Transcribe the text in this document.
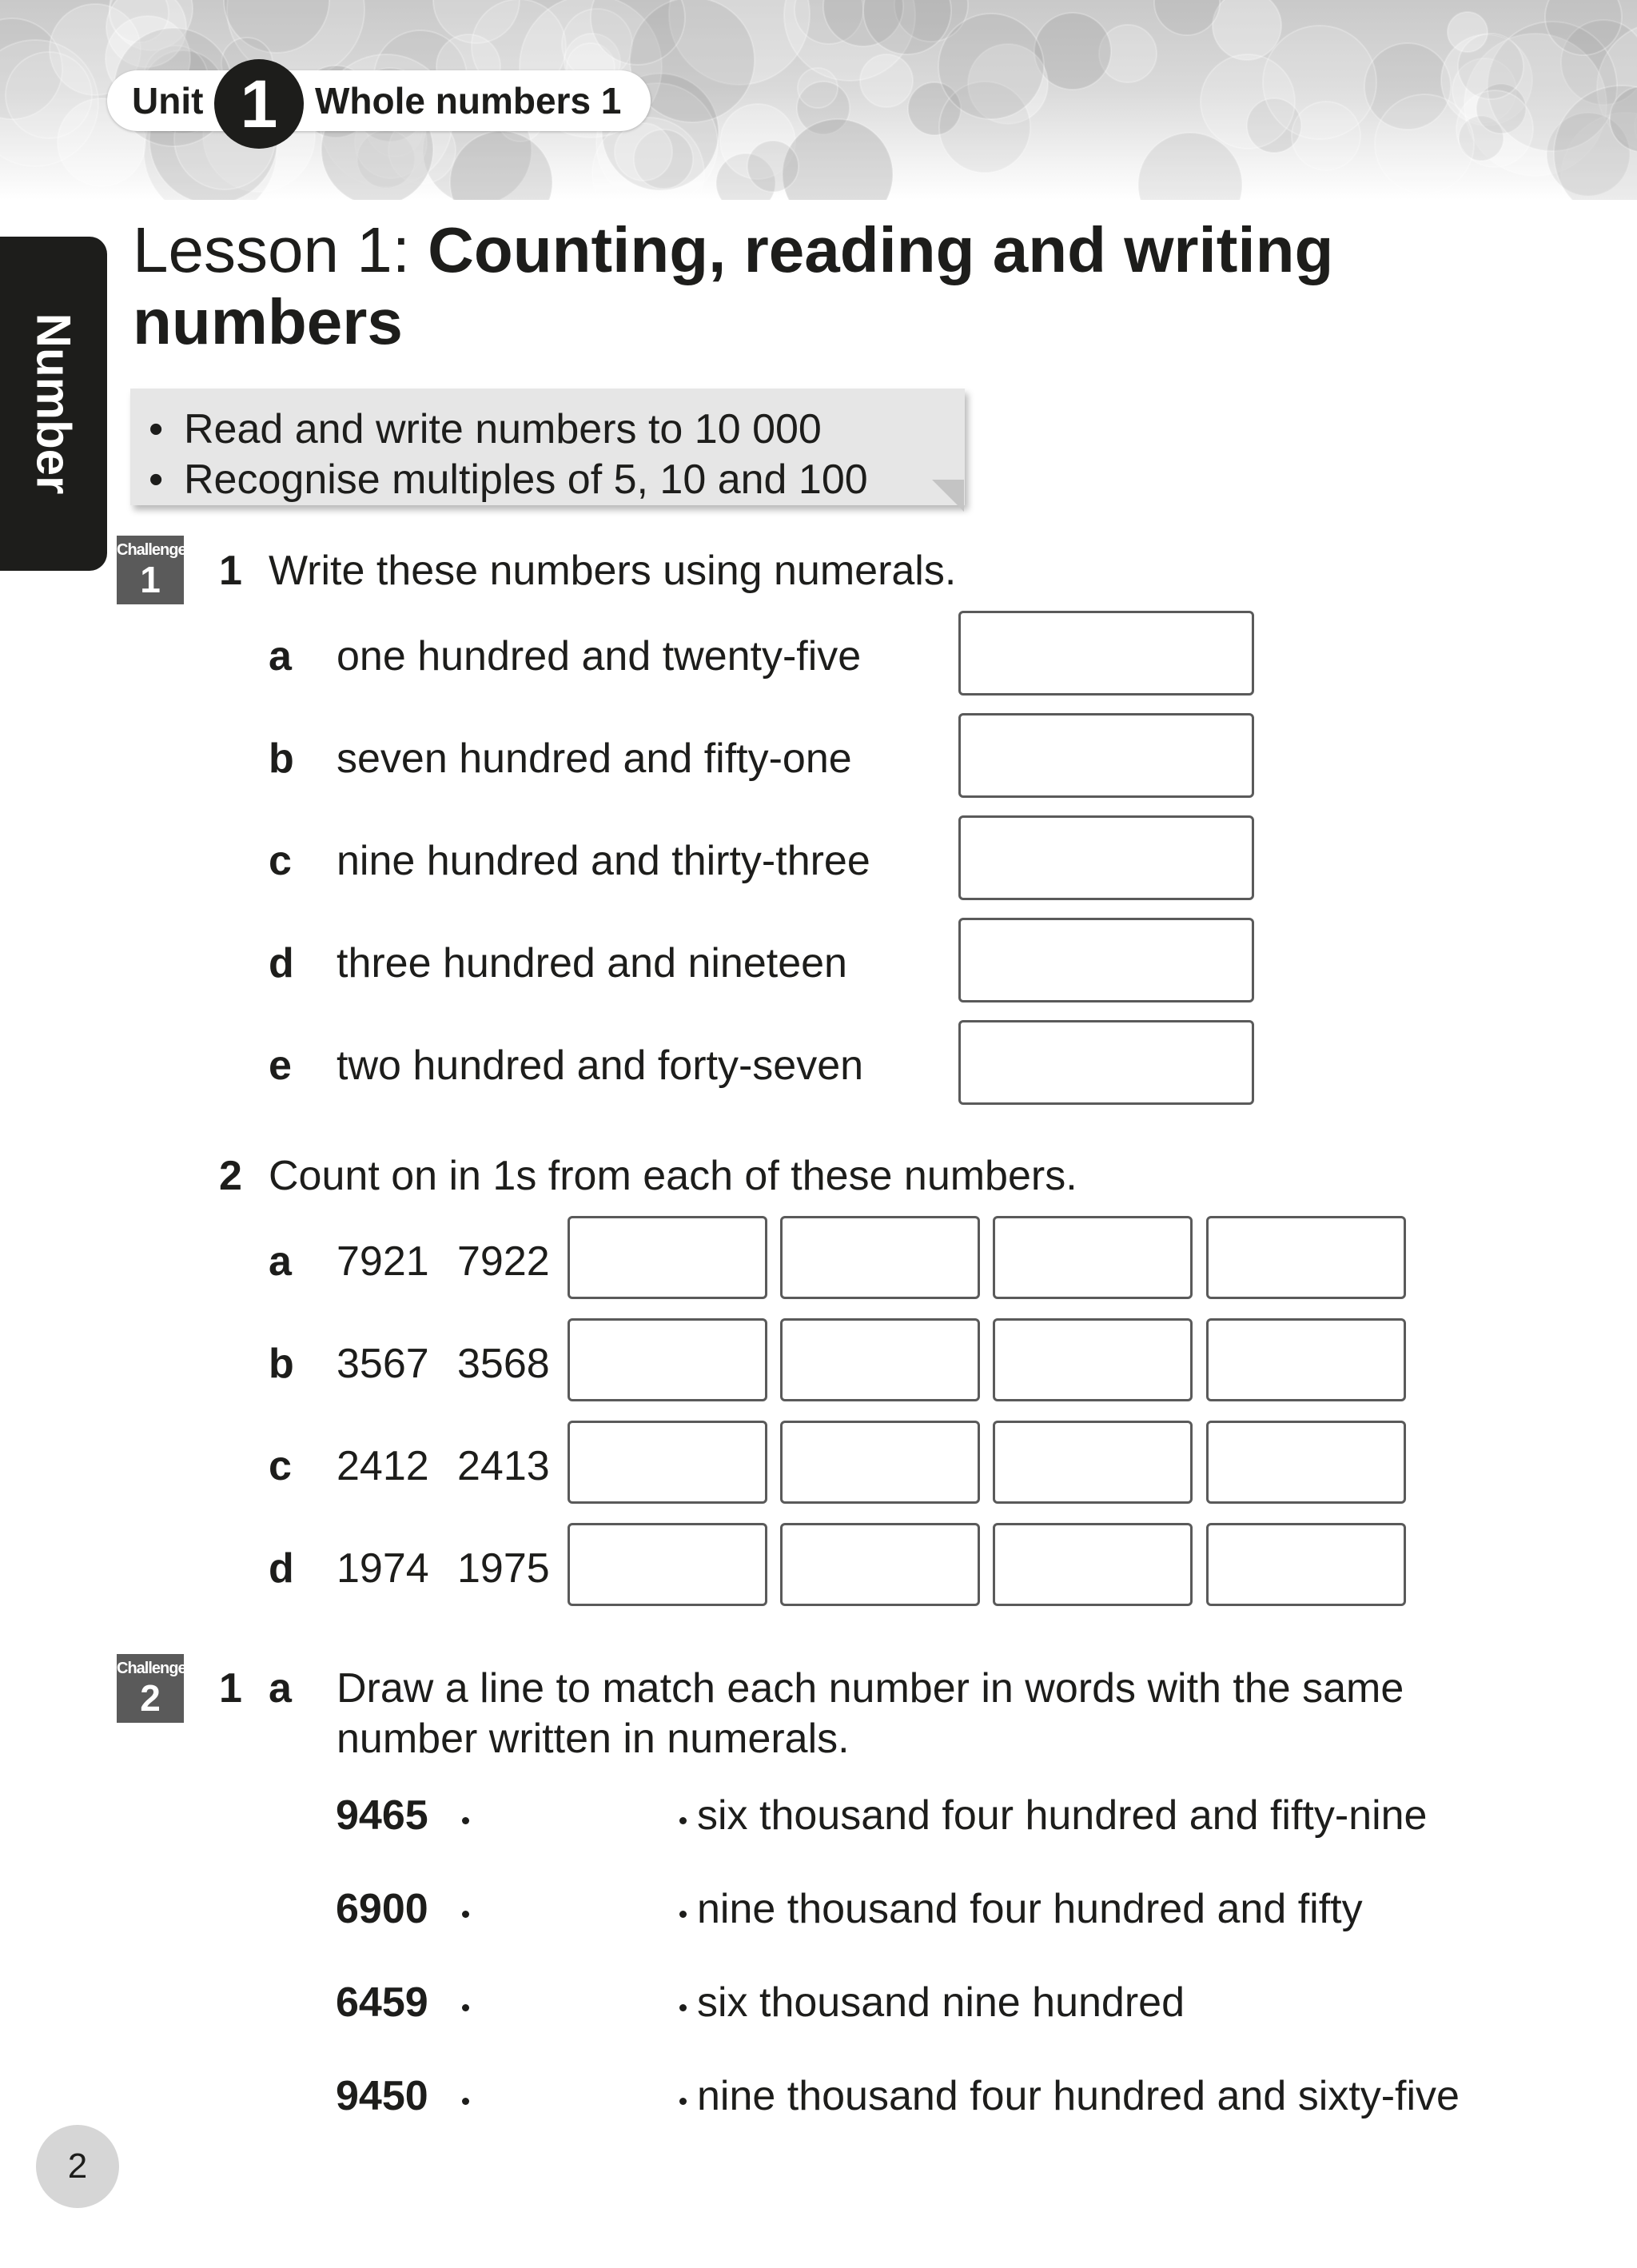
Unit 1	Whole numbers 1
Number
Lesson 1: Counting, reading and writing numbers
• Read and write numbers to 10 000
• Recognise multiples of 5, 10 and 100
Challenge
1	1 Write these numbers using numerals.
a one hundred and twenty-five
b seven hundred and fifty-one
c nine hundred and thirty-three
d three hundred and nineteen
e two hundred and forty-seven
2 Count on in 1s from each of these numbers.
a 7921 7922
b 3567 3568
c 2412 2413
d 1974 1975
Challenge
2	1 a Draw a line to match each number in words with the same
number written in numerals.
9465	six thousand four hundred and fifty-nine
6900	nine thousand four hundred and fifty
6459	six thousand nine hundred
9450	nine thousand four hundred and sixty-five
2
